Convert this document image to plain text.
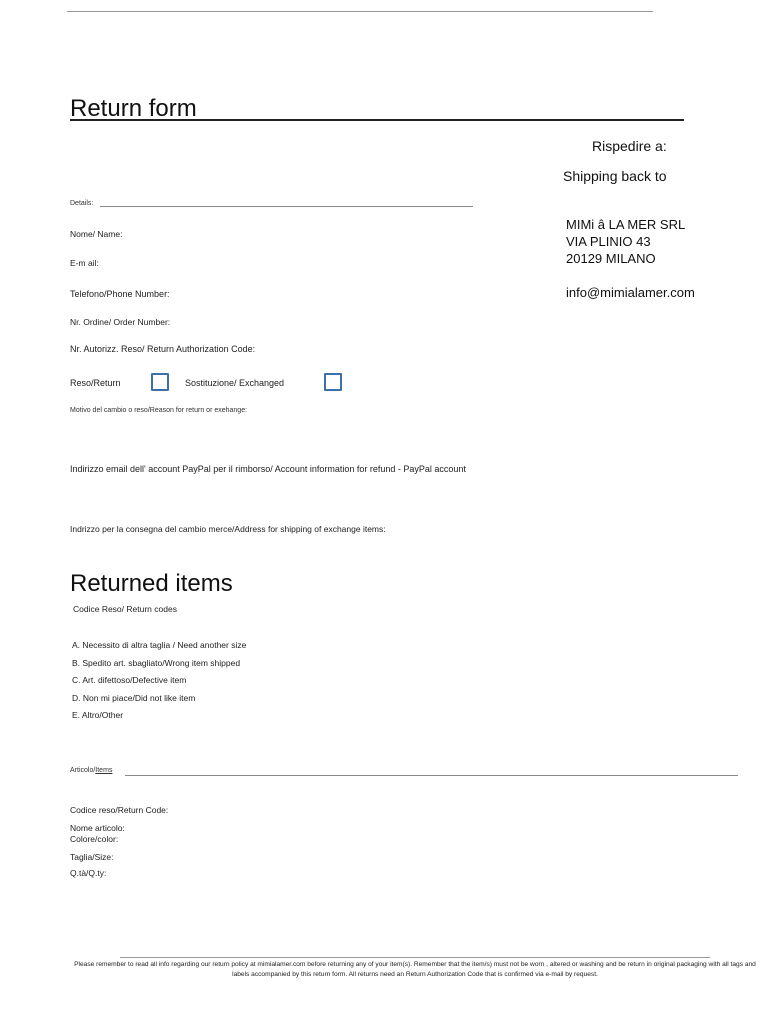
Return form
Rispedire a:
Shipping back to
MIMi â LA MER SRL
VIA PLINIO 43
20129 MILANO
info@mimialamer.com
Details:
Nome/ Name:
E-m ail:
Telefono/Phone Number:
Nr. Ordine/ Order Number:
Nr. Autorizz. Reso/ Return Authorization Code:
Reso/Return	Sostituzione/ Exchanged
Motivo del cambio o reso/Reason for return or exehange:
Indirizzo email dell' account PayPal per il rimborso/ Account information for refund - PayPal account
Indrizzo per la consegna del cambio merce/Address for shipping of exchange items:
Returned items
Codice Reso/ Return codes
A. Necessito di altra taglia / Need another size
B. Spedito art. sbagliato/Wrong item shipped
C. Art. difettoso/Defective item
D. Non mi piace/Did not like item
E. Altro/Other
Articolo/Items
Codice reso/Return Code:
Nome articolo:
Colore/color:
Taglia/Size:
Q.tà/Q.ty:
Please remember to read all info regarding our return policy at mimialamer.com before returning any of your item(s). Remember that the item/s) must not be worn , altered or washing and be return in original packaging with all tags and labels accompanied by this return form. All returns need an Return Authorization Code that is confirmed via e-mail by request.
